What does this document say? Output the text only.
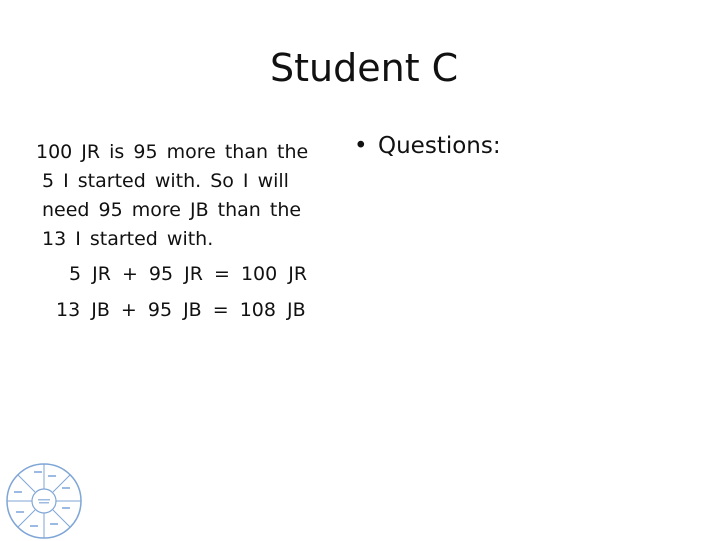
Student C
100 JR is 95 more than the
5 I started with. So I will
need 95 more JB than the
13 I started with.
5 JR + 95 JR = 100 JR
13 JB + 95 JB = 108 JB
• Questions:
